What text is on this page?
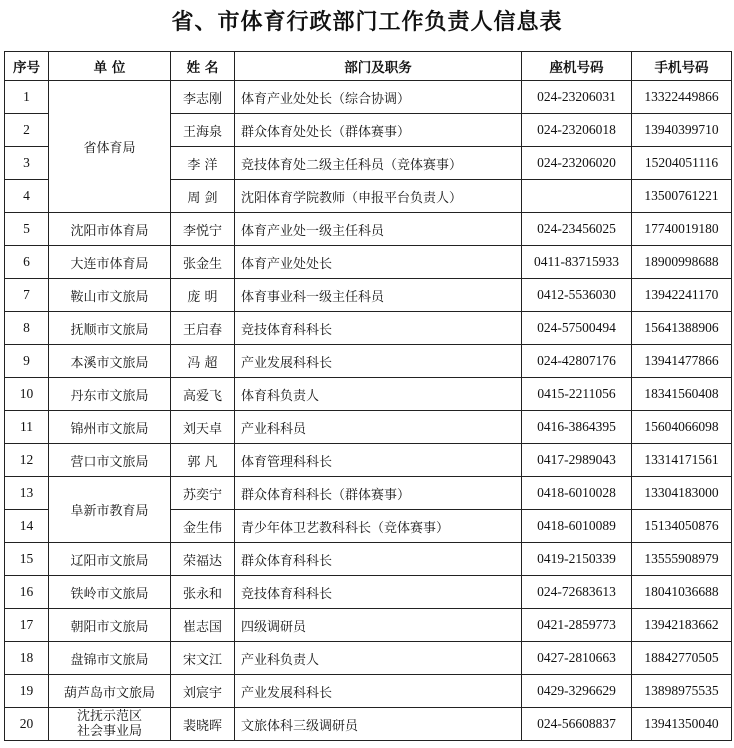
省、市体育行政部门工作负责人信息表
序号	单 位	姓 名	部门及职务	座机号码	手机号码
1	省体育局	李志刚	体育产业处处长（综合协调）	024-23206031	13322449866
2		王海泉	群众体育处处长（群体赛事）	024-23206018	13940399710
3		李 洋	竞技体育处二级主任科员（竞体赛事）	024-23206020	15204051116
4		周 剑	沈阳体育学院教师（申报平台负责人）		13500761221
5	沈阳市体育局	李悦宁	体育产业处一级主任科员	024-23456025	17740019180
6	大连市体育局	张金生	体育产业处处长	0411-83715933	18900998688
7	鞍山市文旅局	庞 明	体育事业科一级主任科员	0412-5536030	13942241170
8	抚顺市文旅局	王启春	竞技体育科科长	024-57500494	15641388906
9	本溪市文旅局	冯 超	产业发展科科长	024-42807176	13941477866
10	丹东市文旅局	高爱飞	体育科负责人	0415-2211056	18341560408
11	锦州市文旅局	刘天卓	产业科科员	0416-3864395	15604066098
12	营口市文旅局	郭 凡	体育管理科科长	0417-2989043	13314171561
13	阜新市教育局	苏奕宁	群众体育科科长（群体赛事）	0418-6010028	13304183000
14		金生伟	青少年体卫艺教科科长（竞体赛事）	0418-6010089	15134050876
15	辽阳市文旅局	荣福达	群众体育科科长	0419-2150339	13555908979
16	铁岭市文旅局	张永和	竞技体育科科长	024-72683613	18041036688
17	朝阳市文旅局	崔志国	四级调研员	0421-2859773	13942183662
18	盘锦市文旅局	宋文江	产业科负责人	0427-2810663	18842770505
19	葫芦岛市文旅局	刘宸宇	产业发展科科长	0429-3296629	13898975535
20	沈抚示范区
社会事业局	裴晓晖	文旅体科三级调研员	024-56608837	13941350040
